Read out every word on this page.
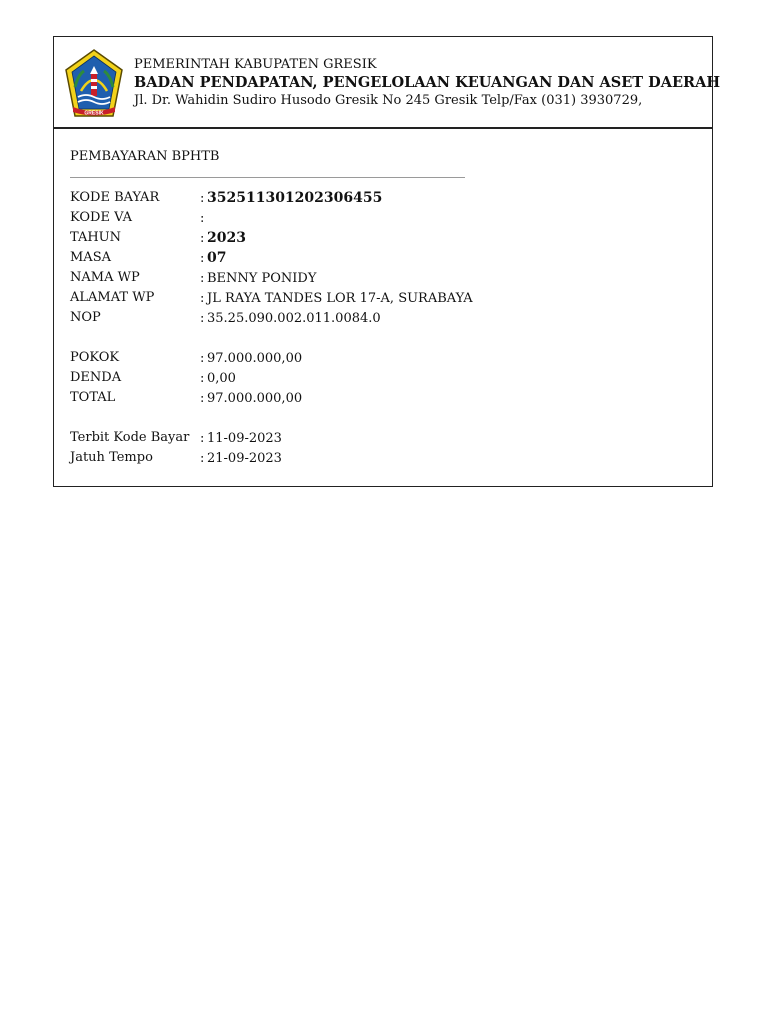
GRESIK
PEMERINTAH KABUPATEN GRESIK
BADAN PENDAPATAN, PENGELOLAAN KEUANGAN DAN ASET DAERAH
Jl. Dr. Wahidin Sudiro Husodo Gresik No 245 Gresik Telp/Fax (031) 3930729,
PEMBAYARAN BPHTB
KODE BAYAR	: 352511301202306455
KODE VA	:
TAHUN	: 2023
MASA	: 07
NAMA WP	: BENNY PONIDY
ALAMAT WP	: JL RAYA TANDES LOR 17-A, SURABAYA
NOP	: 35.25.090.002.011.0084.0
POKOK	: 97.000.000,00
DENDA	: 0,00
TOTAL	: 97.000.000,00
Terbit Kode Bayar : 11-09-2023
Jatuh Tempo	: 21-09-2023
